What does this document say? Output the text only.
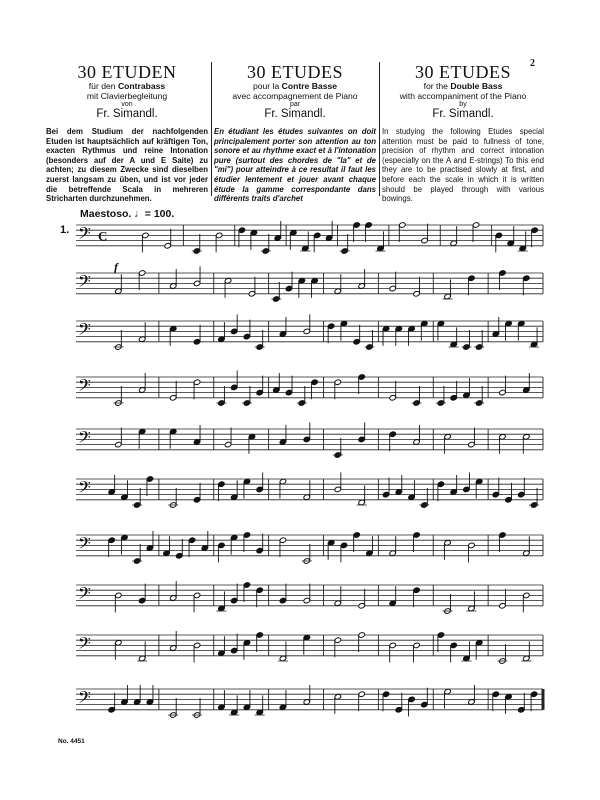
2
30 ETUDEN
für den Contrabass
mit Clavierbegleitung
von
Fr. Simandl.
Bei dem Studium der nachfolgenden Etuden ist hauptsächlich auf kräftigen Ton, exacten Rythmus und reine Intonation (besonders auf der A und E Saite) zu achten; zu diesem Zwecke sind dieselben zuerst langsam zu üben, und ist vor jeder die betreffende Scala in mehreren Stricharten durchzunehmen.
30 ETUDES
pour la Contre Basse
avec accompagnement de Piano
par
Fr. Simandl.
En étudiant les études suivantes on doit principalement porter son attention au ton sonore et au rhythme exact et à l'intonation pure (surtout des chordes de "la" et de "mi") pour atteindre à ce resultat il faut les étudier lentement et jouer avant chaque étude la gamme correspondante dans différents traits d'archet
30 ETUDES
for the Double Bass
with accompaniment of the Piano
by
Fr. Simandl.
In studying the following Etudes special attention must be paid to fullness of tone, precision of rhythm and correct intonation (especially on the A and E-strings) To this end they are to be practised slowly at first, and before each the scale in which it is written should be played through with various bowings.
Maestoso. ♩= 100.
1. 𝄢 C
f
𝄢
𝄢
𝄢
𝄢
𝄢
𝄢
𝄢
𝄢
𝄢
No. 4451
